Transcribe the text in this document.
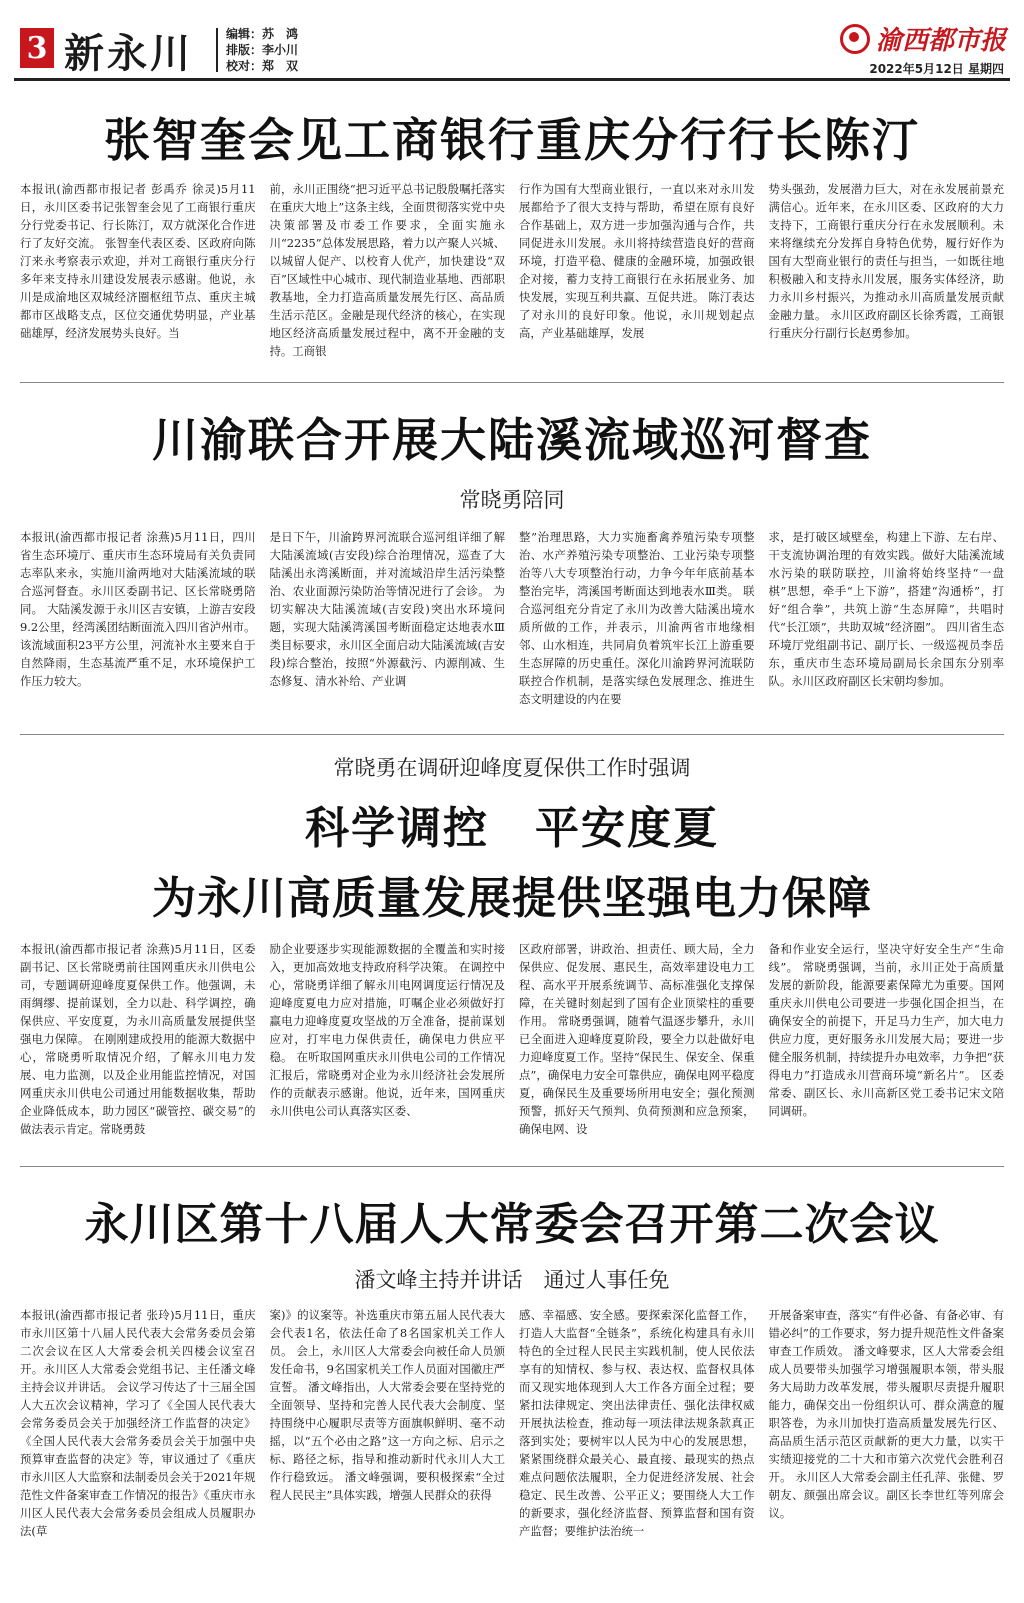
3 新永川	编辑：苏　鸿
排版：李小川
校对：郑　双
渝西都市报
2022年5月12日 星期四
张智奎会见工商银行重庆分行行长陈汀

本报讯(渝西都市报记者 彭禹乔 徐灵)5月11日，永川区委书记张智奎会见了工商银行重庆分行党委书记、行长陈汀，双方就深化合作进行了友好交流。 张智奎代表区委、区政府向陈汀来永考察表示欢迎，并对工商银行重庆分行多年来支持永川建设发展表示感谢。他说，永川是成渝地区双城经济圈枢纽节点、重庆主城都市区战略支点，区位交通优势明显，产业基础雄厚，经济发展势头良好。当

前，永川正围绕“把习近平总书记殷殷嘱托落实在重庆大地上”这条主线，全面贯彻落实党中央决策部署及市委工作要求，全面实施永川“2235”总体发展思路，着力以产聚人兴城、以城留人促产、以校育人优产，加快建设“双百”区域性中心城市、现代制造业基地、西部职教基地，全力打造高质量发展先行区、高品质生活示范区。金融是现代经济的核心，在实现地区经济高质量发展过程中，离不开金融的支持。工商银

行作为国有大型商业银行，一直以来对永川发展都给予了很大支持与帮助，希望在原有良好合作基础上，双方进一步加强沟通与合作，共同促进永川发展。永川将持续营造良好的营商环境，打造平稳、健康的金融环境，加强政银企对接，蓄力支持工商银行在永拓展业务、加快发展，实现互利共赢、互促共进。 陈汀表达了对永川的良好印象。他说，永川规划起点高，产业基础雄厚，发展

势头强劲，发展潜力巨大，对在永发展前景充满信心。近年来，在永川区委、区政府的大力支持下，工商银行重庆分行在永发展顺利。未来将继续充分发挥自身特色优势，履行好作为国有大型商业银行的责任与担当，一如既往地积极融入和支持永川发展，服务实体经济，助力永川乡村振兴，为推动永川高质量发展贡献金融力量。 永川区政府副区长徐秀霞，工商银行重庆分行副行长赵勇参加。

川渝联合开展大陆溪流域巡河督查
常晓勇陪同

本报讯(渝西都市报记者 涂燕)5月11日，四川省生态环境厅、重庆市生态环境局有关负责同志率队来永，实施川渝两地对大陆溪流域的联合巡河督查。永川区委副书记、区长常晓勇陪同。 大陆溪发源于永川区吉安镇，上游吉安段9.2公里，经湾溪团结断面流入四川省泸州市。该流域面积23平方公里，河流补水主要来自于自然降雨，生态基流严重不足，水环境保护工作压力较大。

是日下午，川渝跨界河流联合巡河组详细了解大陆溪流域(吉安段)综合治理情况，巡查了大陆溪出永湾溪断面，并对流域沿岸生活污染整治、农业面源污染防治等情况进行了会诊。 为切实解决大陆溪流域(吉安段)突出水环境问题，实现大陆溪湾溪国考断面稳定达地表水Ⅲ类目标要求，永川区全面启动大陆溪流域(吉安段)综合整治，按照“外源截污、内源削减、生态修复、清水补给、产业调

整”治理思路，大力实施畜禽养殖污染专项整治、水产养殖污染专项整治、工业污染专项整治等八大专项整治行动，力争今年年底前基本整治完毕，湾溪国考断面达到地表水Ⅲ类。 联合巡河组充分肯定了永川为改善大陆溪出境水质所做的工作，并表示，川渝两省市地缘相邻、山水相连，共同肩负着筑牢长江上游重要生态屏障的历史重任。深化川渝跨界河流联防联控合作机制，是落实绿色发展理念、推进生态文明建设的内在要

求，是打破区域壁垒，构建上下游、左右岸、干支流协调治理的有效实践。做好大陆溪流域水污染的联防联控，川渝将始终坚持“一盘棋”思想，牵手“上下游”，搭建“沟通桥”，打好“组合拳”，共筑上游“生态屏障”，共唱时代“长江颂”，共助双城“经济圈”。 四川省生态环境厅党组副书记、副厅长、一级巡视员李岳东，重庆市生态环境局副局长余国东分别率队。永川区政府副区长宋朝均参加。

常晓勇在调研迎峰度夏保供工作时强调
科学调控　平安度夏
为永川高质量发展提供坚强电力保障

本报讯(渝西都市报记者 涂燕)5月11日，区委副书记、区长常晓勇前往国网重庆永川供电公司，专题调研迎峰度夏保供工作。他强调，未雨绸缪、提前谋划，全力以赴、科学调控，确保供应、平安度夏，为永川高质量发展提供坚强电力保障。 在刚刚建成投用的能源大数据中心，常晓勇听取情况介绍，了解永川电力发展、电力监测，以及企业用能监控情况，对国网重庆永川供电公司通过用能数据收集，帮助企业降低成本，助力园区“碳管控、碳交易”的做法表示肯定。常晓勇鼓

励企业要逐步实现能源数据的全覆盖和实时接入，更加高效地支持政府科学决策。 在调控中心，常晓勇详细了解永川电网调度运行情况及迎峰度夏电力应对措施，叮嘱企业必须做好打赢电力迎峰度夏攻坚战的万全准备，提前谋划应对，打牢电力保供责任，确保电力供应平稳。 在听取国网重庆永川供电公司的工作情况汇报后，常晓勇对企业为永川经济社会发展所作的贡献表示感谢。他说，近年来，国网重庆永川供电公司认真落实区委、

区政府部署，讲政治、担责任、顾大局，全力保供应、促发展、惠民生，高效率建设电力工程、高水平开展系统调节、高标准强化支撑保障，在关键时刻起到了国有企业顶梁柱的重要作用。 常晓勇强调，随着气温逐步攀升，永川已全面进入迎峰度夏阶段，要全力以赴做好电力迎峰度夏工作。坚持“保民生、保安全、保重点”，确保电力安全可靠供应，确保电网平稳度夏，确保民生及重要场所用电安全；强化预测预警，抓好天气预判、负荷预测和应急预案，确保电网、设

备和作业安全运行，坚决守好安全生产“生命线”。 常晓勇强调，当前，永川正处于高质量发展的新阶段，能源要素保障尤为重要。国网重庆永川供电公司要进一步强化国企担当，在确保安全的前提下，开足马力生产，加大电力供应力度，更好服务永川发展大局；要进一步健全服务机制，持续提升办电效率，力争把“获得电力”打造成永川营商环境“新名片”。 区委常委、副区长、永川高新区党工委书记宋文陪同调研。

永川区第十八届人大常委会召开第二次会议
潘文峰主持并讲话　通过人事任免

本报讯(渝西都市报记者 张玲)5月11日，重庆市永川区第十八届人民代表大会常务委员会第二次会议在区人大常委会机关四楼会议室召开。永川区人大常委会党组书记、主任潘文峰主持会议并讲话。 会议学习传达了十三届全国人大五次会议精神，学习了《全国人民代表大会常务委员会关于加强经济工作监督的决定》《全国人民代表大会常务委员会关于加强中央预算审查监督的决定》等，审议通过了《重庆市永川区人大监察和法制委员会关于2021年规范性文件备案审查工作情况的报告》《重庆市永川区人民代表大会常务委员会组成人员履职办法(草

案)》的议案等。补选重庆市第五届人民代表大会代表1名，依法任命了8名国家机关工作人员。 会上，永川区人大常委会向被任命人员颁发任命书，9名国家机关工作人员面对国徽庄严宣誓。 潘文峰指出，人大常委会要在坚持党的全面领导、坚持和完善人民代表大会制度、坚持围绕中心履职尽责等方面旗帜鲜明、毫不动摇，以“五个必由之路”这一方向之标、启示之标、路径之标，指导和推动新时代永川人大工作行稳致远。 潘文峰强调，要积极探索“全过程人民民主”具体实践，增强人民群众的获得

感、幸福感、安全感。要探索深化监督工作，打造人大监督“全链条”，系统化构建具有永川特色的全过程人民民主实践机制，使人民依法享有的知情权、参与权、表达权、监督权具体而又现实地体现到人大工作各方面全过程；要紧扣法律规定、突出法律责任、强化法律权威开展执法检查，推动每一项法律法规条款真正落到实处；要树牢以人民为中心的发展思想，紧紧围绕群众最关心、最直接、最现实的热点难点问题依法履职，全力促进经济发展、社会稳定、民生改善、公平正义；要围绕人大工作的新要求，强化经济监督、预算监督和国有资产监督；要维护法治统一

开展备案审查，落实“有件必备、有备必审、有错必纠”的工作要求，努力提升规范性文件备案审查工作质效。 潘文峰要求，区人大常委会组成人员要带头加强学习增强履职本领，带头服务大局助力改革发展，带头履职尽责提升履职能力，确保交出一份组织认可、群众满意的履职答卷，为永川加快打造高质量发展先行区、高品质生活示范区贡献新的更大力量，以实干实绩迎接党的二十大和市第六次党代会胜利召开。 永川区人大常委会副主任孔萍、张健、罗朝友、颜强出席会议。副区长李世红等列席会议。
